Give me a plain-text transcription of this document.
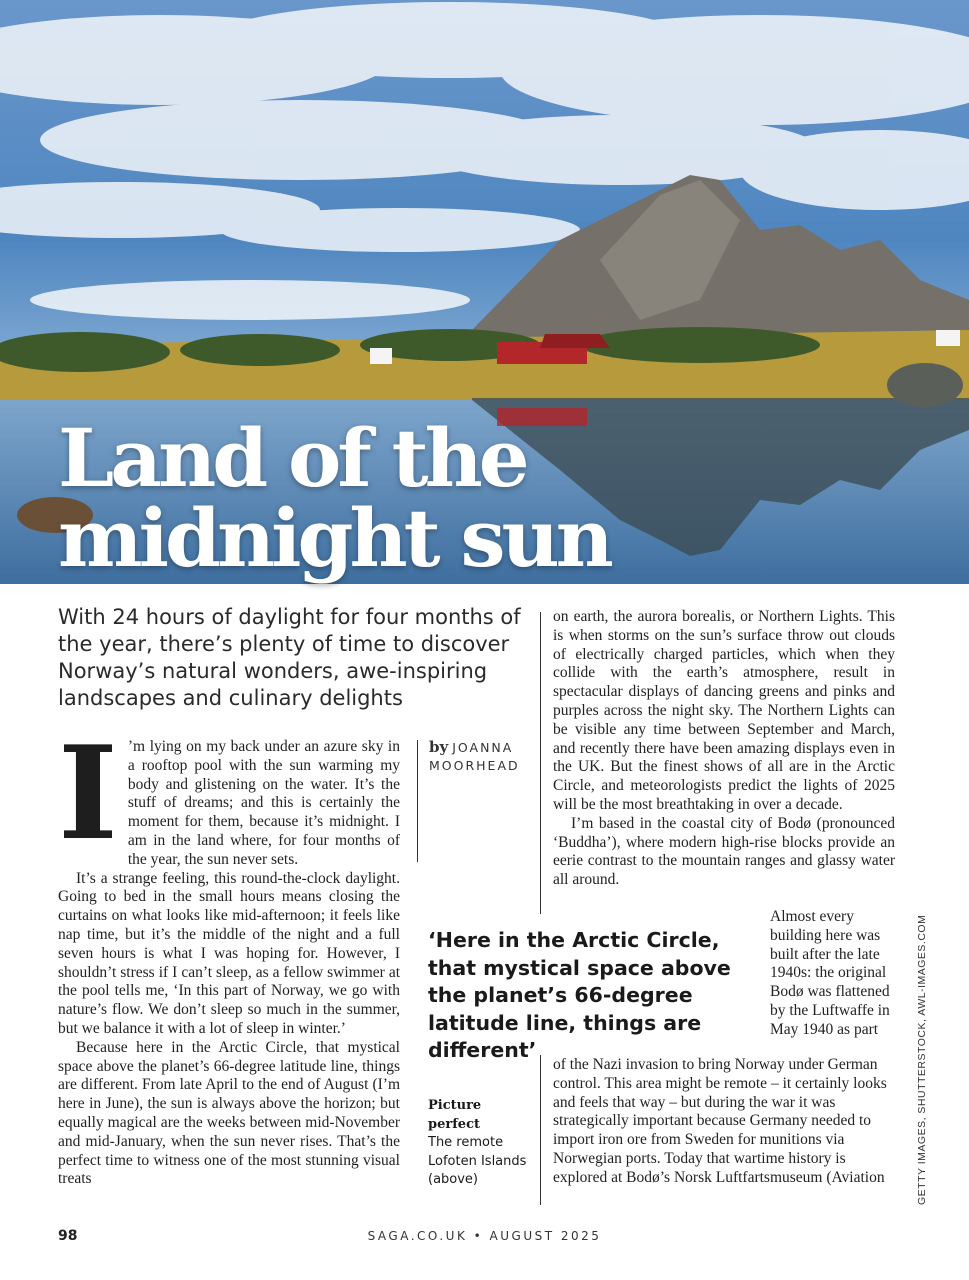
Land of the
midnight sun

With 24 hours of daylight for four months of the year, there’s plenty of time to discover Norway’s natural wonders, awe-inspiring landscapes and culinary delights

I ’m lying on my back under an azure sky in a rooftop pool with the sun warming my body and glistening on the water. It’s the stuff of dreams; and this is certainly the moment for them, because it’s midnight. I am in the land where, for four months of the year, the sun never sets.

It’s a strange feeling, this round-the-clock daylight. Going to bed in the small hours means closing the curtains on what looks like mid-afternoon; it feels like nap time, but it’s the middle of the night and a full seven hours is what I was hoping for. However, I shouldn’t stress if I can’t sleep, as a fellow swimmer at the pool tells me, ‘In this part of Norway, we go with nature’s flow. We don’t sleep so much in the summer, but we balance it with a lot of sleep in winter.’

Because here in the Arctic Circle, that mystical space above the planet’s 66-degree latitude line, things are different. From late April to the end of August (I’m here in June), the sun is always above the horizon; but equally magical are the weeks between mid-November and mid-January, when the sun never rises. That’s the perfect time to witness one of the most stunning visual treats

by JOANNA MOORHEAD

on earth, the aurora borealis, or Northern Lights. This is when storms on the sun’s surface throw out clouds of electrically charged particles, which when they collide with the earth’s atmosphere, result in spectacular displays of dancing greens and pinks and purples across the night sky. The Northern Lights can be visible any time between September and March, and recently there have been amazing displays even in the UK. But the finest shows of all are in the Arctic Circle, and meteorologists predict the lights of 2025 will be the most breathtaking in over a decade.

I’m based in the coastal city of Bodø (pronounced ‘Buddha’), where modern high-rise blocks provide an eerie contrast to the mountain ranges and glassy water all around.

‘Here in the Arctic Circle, that mystical space above the planet’s 66-degree latitude line, things are different’

Almost every building here was built after the late 1940s: the original Bodø was flattened by the Luftwaffe in May 1940 as part

of the Nazi invasion to bring Norway under German control. This area might be remote – it certainly looks and feels that way – but during the war it was strategically important because Germany needed to import iron ore from Sweden for munitions via Norwegian ports. Today that wartime history is explored at Bodø’s Norsk Luftfartsmuseum (Aviation

Picture perfect
The remote Lofoten Islands (above)	GETTY IMAGES, SHUTTERSTOCK, AWL-IMAGES.COM
98	SAGA.CO.UK • AUGUST 2025
